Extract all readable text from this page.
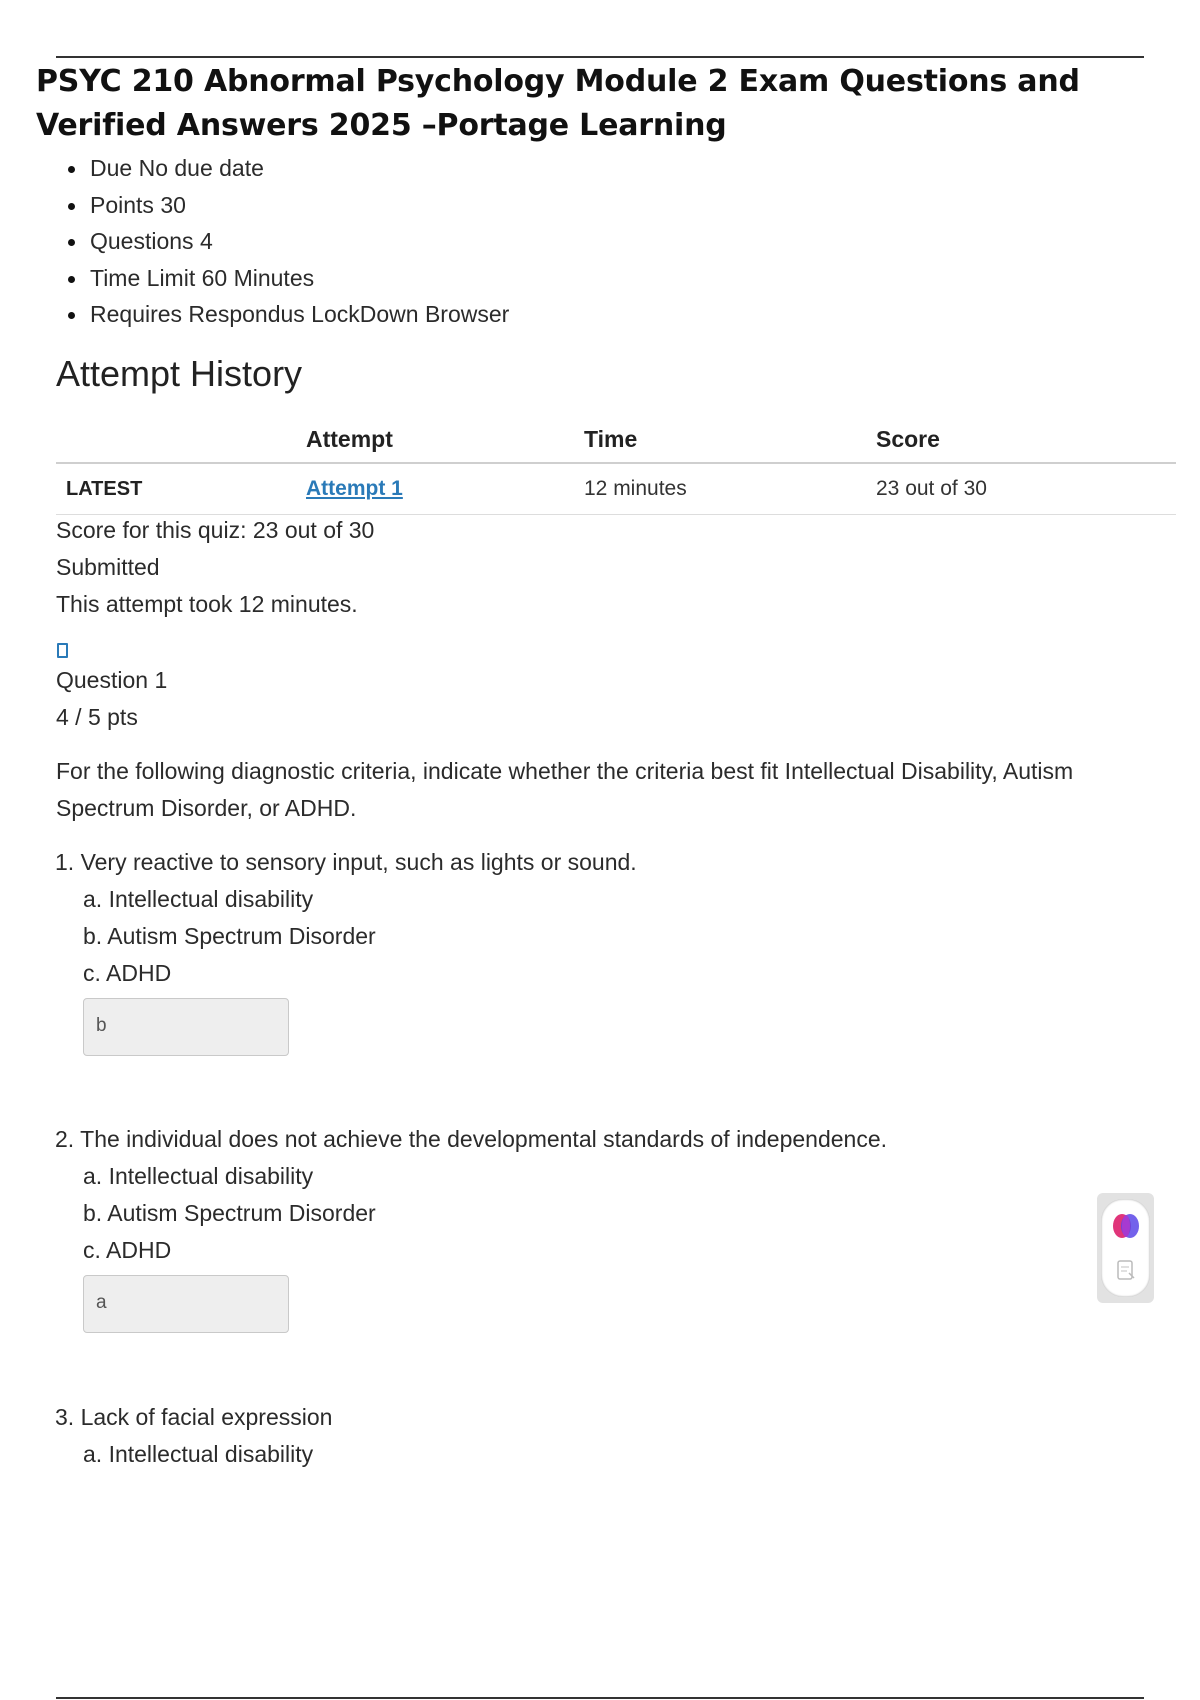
PSYC 210 Abnormal Psychology Module 2 Exam Questions and Verified Answers 2025 –Portage Learning
Due No due date
Points 30
Questions 4
Time Limit 60 Minutes
Requires Respondus LockDown Browser
Attempt History
	Attempt	Time	Score
LATEST	Attempt 1	12 minutes	23 out of 30
Score for this quiz: 23 out of 30
Submitted
This attempt took 12 minutes.
Question 1
4 / 5 pts
For the following diagnostic criteria, indicate whether the criteria best fit Intellectual Disability, Autism Spectrum Disorder, or ADHD.
1. Very reactive to sensory input, such as lights or sound.
a. Intellectual disability
b. Autism Spectrum Disorder
c. ADHD
b
2. The individual does not achieve the developmental standards of independence.
a. Intellectual disability
b. Autism Spectrum Disorder
c. ADHD
a
3. Lack of facial expression
a. Intellectual disability
